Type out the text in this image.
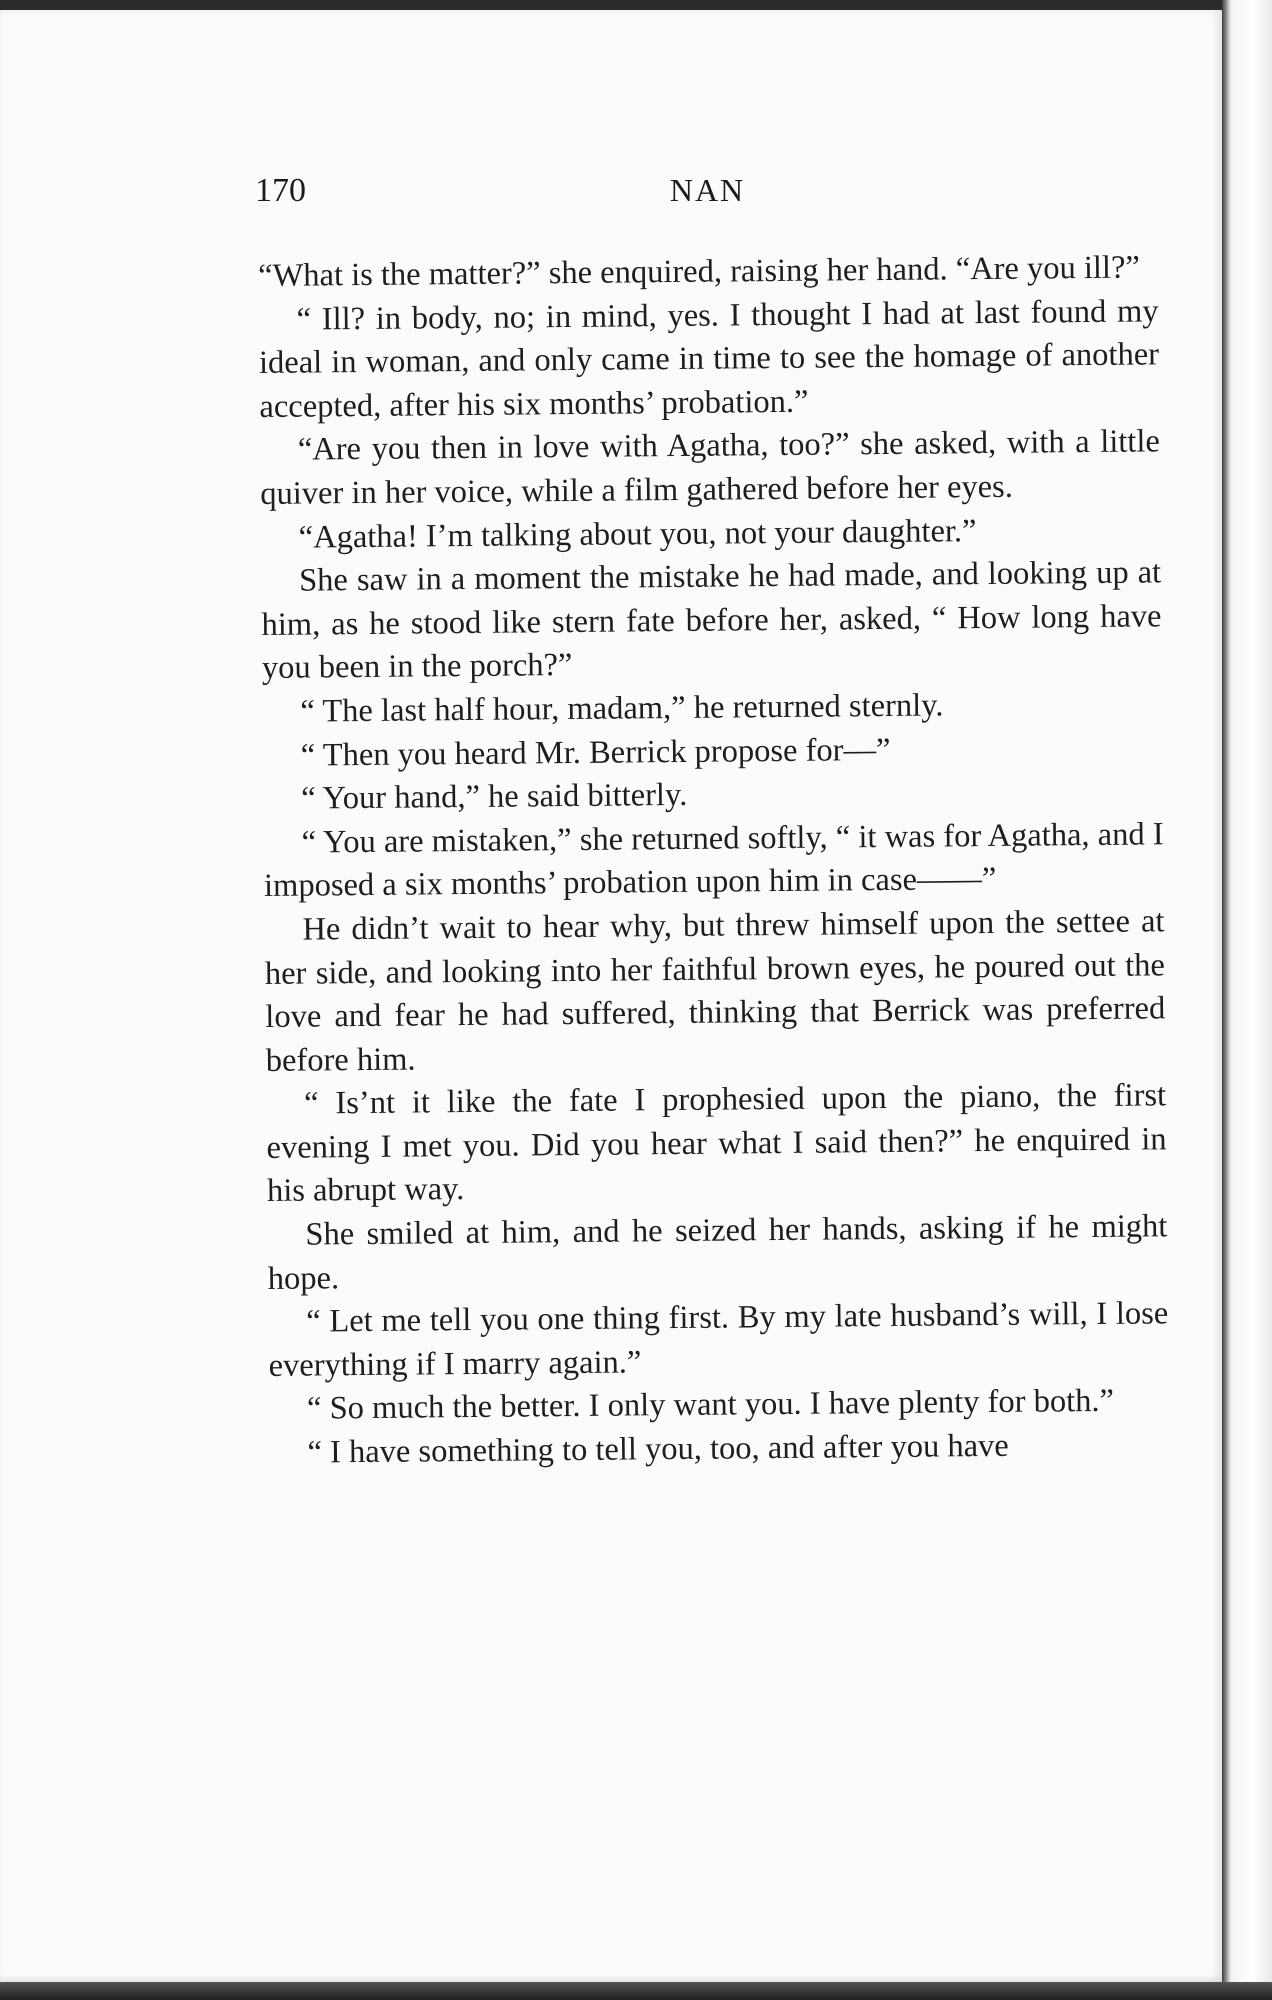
170	NAN

“What is the matter?” she enquired, raising her hand. “Are you ill?”

“ Ill? in body, no; in mind, yes. I thought I had at last found my ideal in woman, and only came in time to see the homage of another accepted, after his six months’ probation.”

“Are you then in love with Agatha, too?” she asked, with a little quiver in her voice, while a film gathered before her eyes.

“Agatha! I’m talking about you, not your daughter.”

She saw in a moment the mistake he had made, and looking up at him, as he stood like stern fate before her, asked, “ How long have you been in the porch?”

“ The last half hour, madam,” he returned sternly.

“ Then you heard Mr. Berrick propose for—”

“ Your hand,” he said bitterly.

“ You are mistaken,” she returned softly, “ it was for Agatha, and I imposed a six months’ probation upon him in case——”

He didn’t wait to hear why, but threw himself upon the settee at her side, and looking into her faithful brown eyes, he poured out the love and fear he had suffered, thinking that Berrick was preferred before him.

“ Is’nt it like the fate I prophesied upon the piano, the first evening I met you. Did you hear what I said then?” he enquired in his abrupt way.

She smiled at him, and he seized her hands, asking if he might hope.

“ Let me tell you one thing first. By my late husband’s will, I lose everything if I marry again.”

“ So much the better. I only want you. I have plenty for both.”

“ I have something to tell you, too, and after you have
